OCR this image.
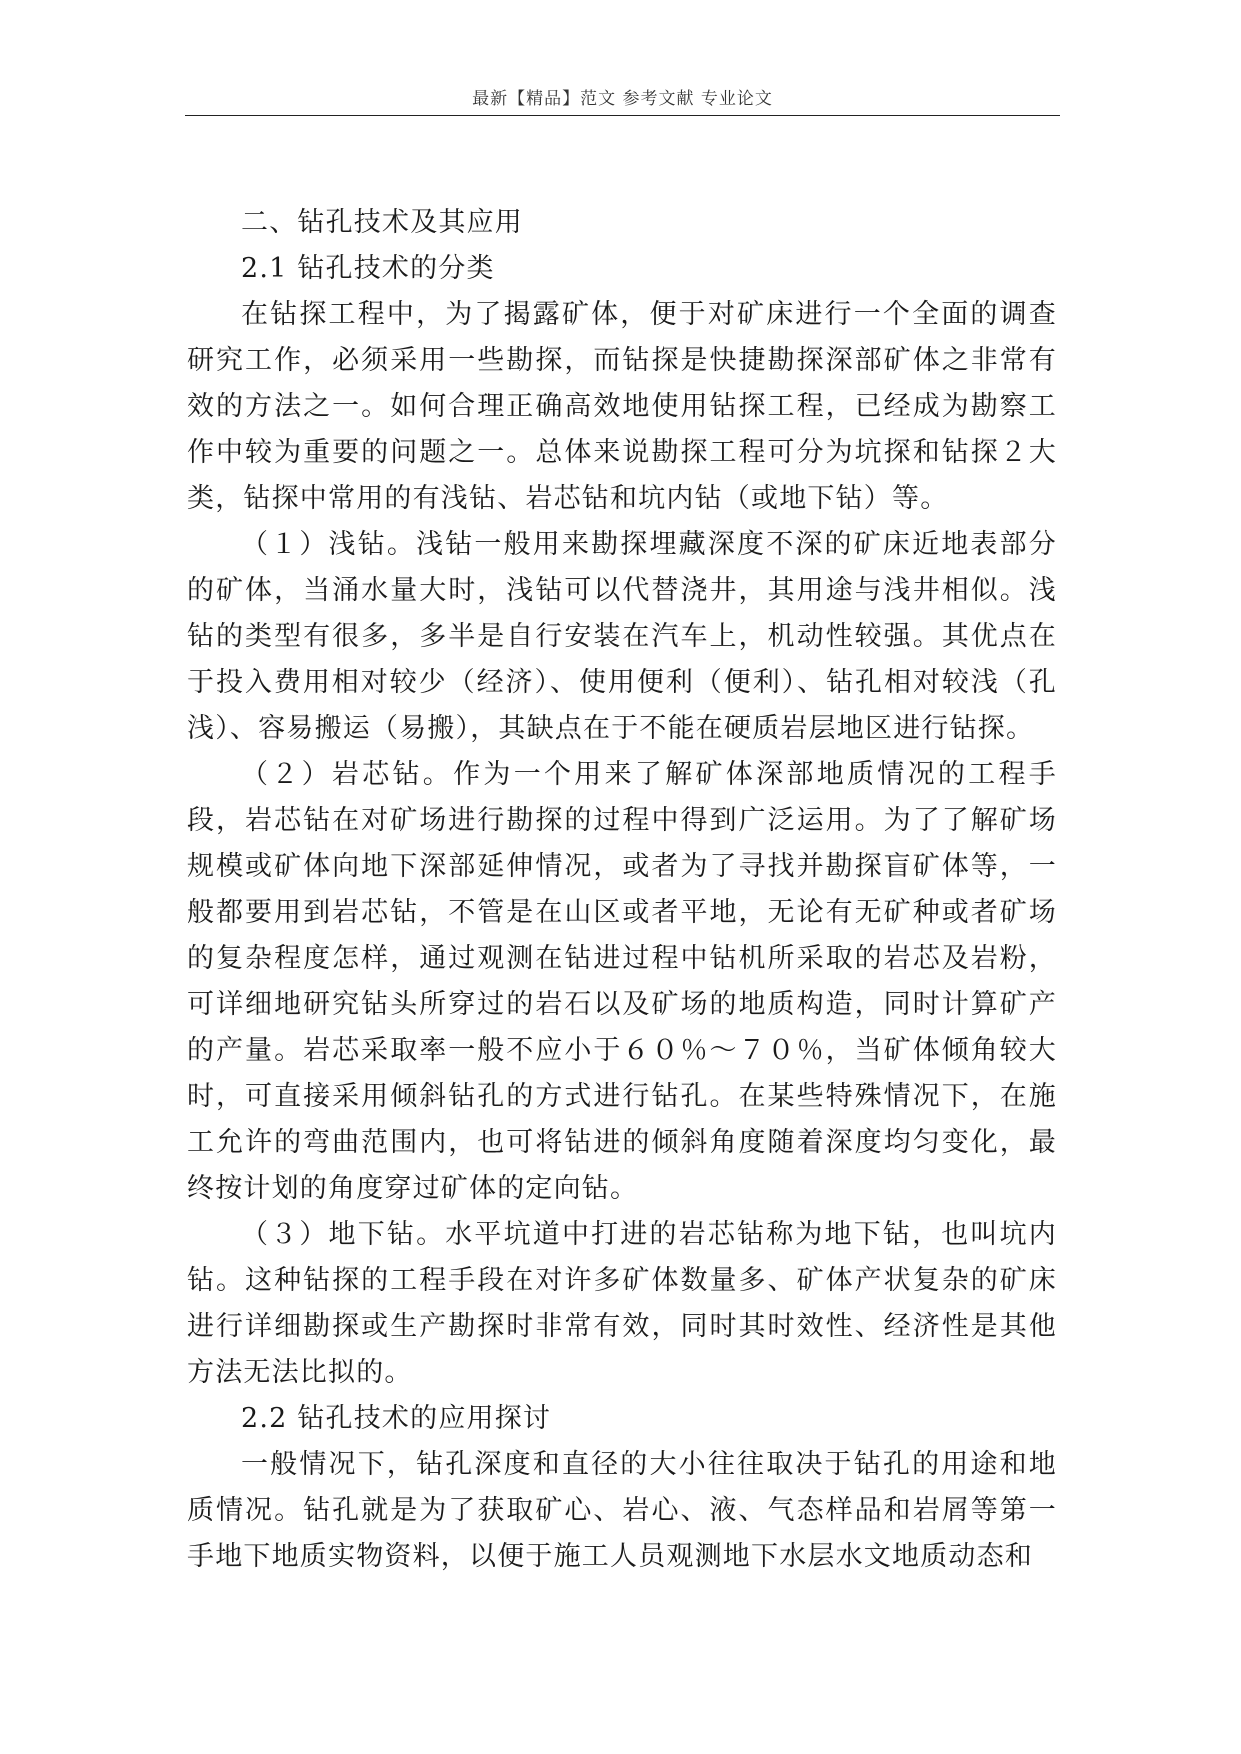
最新【精品】范文 参考文献 专业论文

二、钻孔技术及其应用

2.1 钻孔技术的分类

在钻探工程中，为了揭露矿体，便于对矿床进行一个全面的调查研究工作，必须采用一些勘探，而钻探是快捷勘探深部矿体之非常有效的方法之一。如何合理正确高效地使用钻探工程，已经成为勘察工作中较为重要的问题之一。总体来说勘探工程可分为坑探和钻探２大类，钻探中常用的有浅钻、岩芯钻和坑内钻（或地下钻）等。

（１）浅钻。浅钻一般用来勘探埋藏深度不深的矿床近地表部分的矿体，当涌水量大时，浅钻可以代替浇井，其用途与浅井相似。浅钻的类型有很多，多半是自行安装在汽车上，机动性较强。其优点在于投入费用相对较少（经济）、使用便利（便利）、钻孔相对较浅（孔浅）、容易搬运（易搬），其缺点在于不能在硬质岩层地区进行钻探。

（２）岩芯钻。作为一个用来了解矿体深部地质情况的工程手段，岩芯钻在对矿场进行勘探的过程中得到广泛运用。为了了解矿场规模或矿体向地下深部延伸情况，或者为了寻找并勘探盲矿体等，一般都要用到岩芯钻，不管是在山区或者平地，无论有无矿种或者矿场的复杂程度怎样，通过观测在钻进过程中钻机所采取的岩芯及岩粉，可详细地研究钻头所穿过的岩石以及矿场的地质构造，同时计算矿产的产量。岩芯采取率一般不应小于６０％～７０％，当矿体倾角较大时，可直接采用倾斜钻孔的方式进行钻孔。在某些特殊情况下，在施工允许的弯曲范围内，也可将钻进的倾斜角度随着深度均匀变化，最终按计划的角度穿过矿体的定向钻。

（３）地下钻。水平坑道中打进的岩芯钻称为地下钻，也叫坑内钻。这种钻探的工程手段在对许多矿体数量多、矿体产状复杂的矿床进行详细勘探或生产勘探时非常有效，同时其时效性、经济性是其他方法无法比拟的。

2.2 钻孔技术的应用探讨

一般情况下，钻孔深度和直径的大小往往取决于钻孔的用途和地质情况。钻孔就是为了获取矿心、岩心、液、气态样品和岩屑等第一手地下地质实物资料，以便于施工人员观测地下水层水文地质动态和
